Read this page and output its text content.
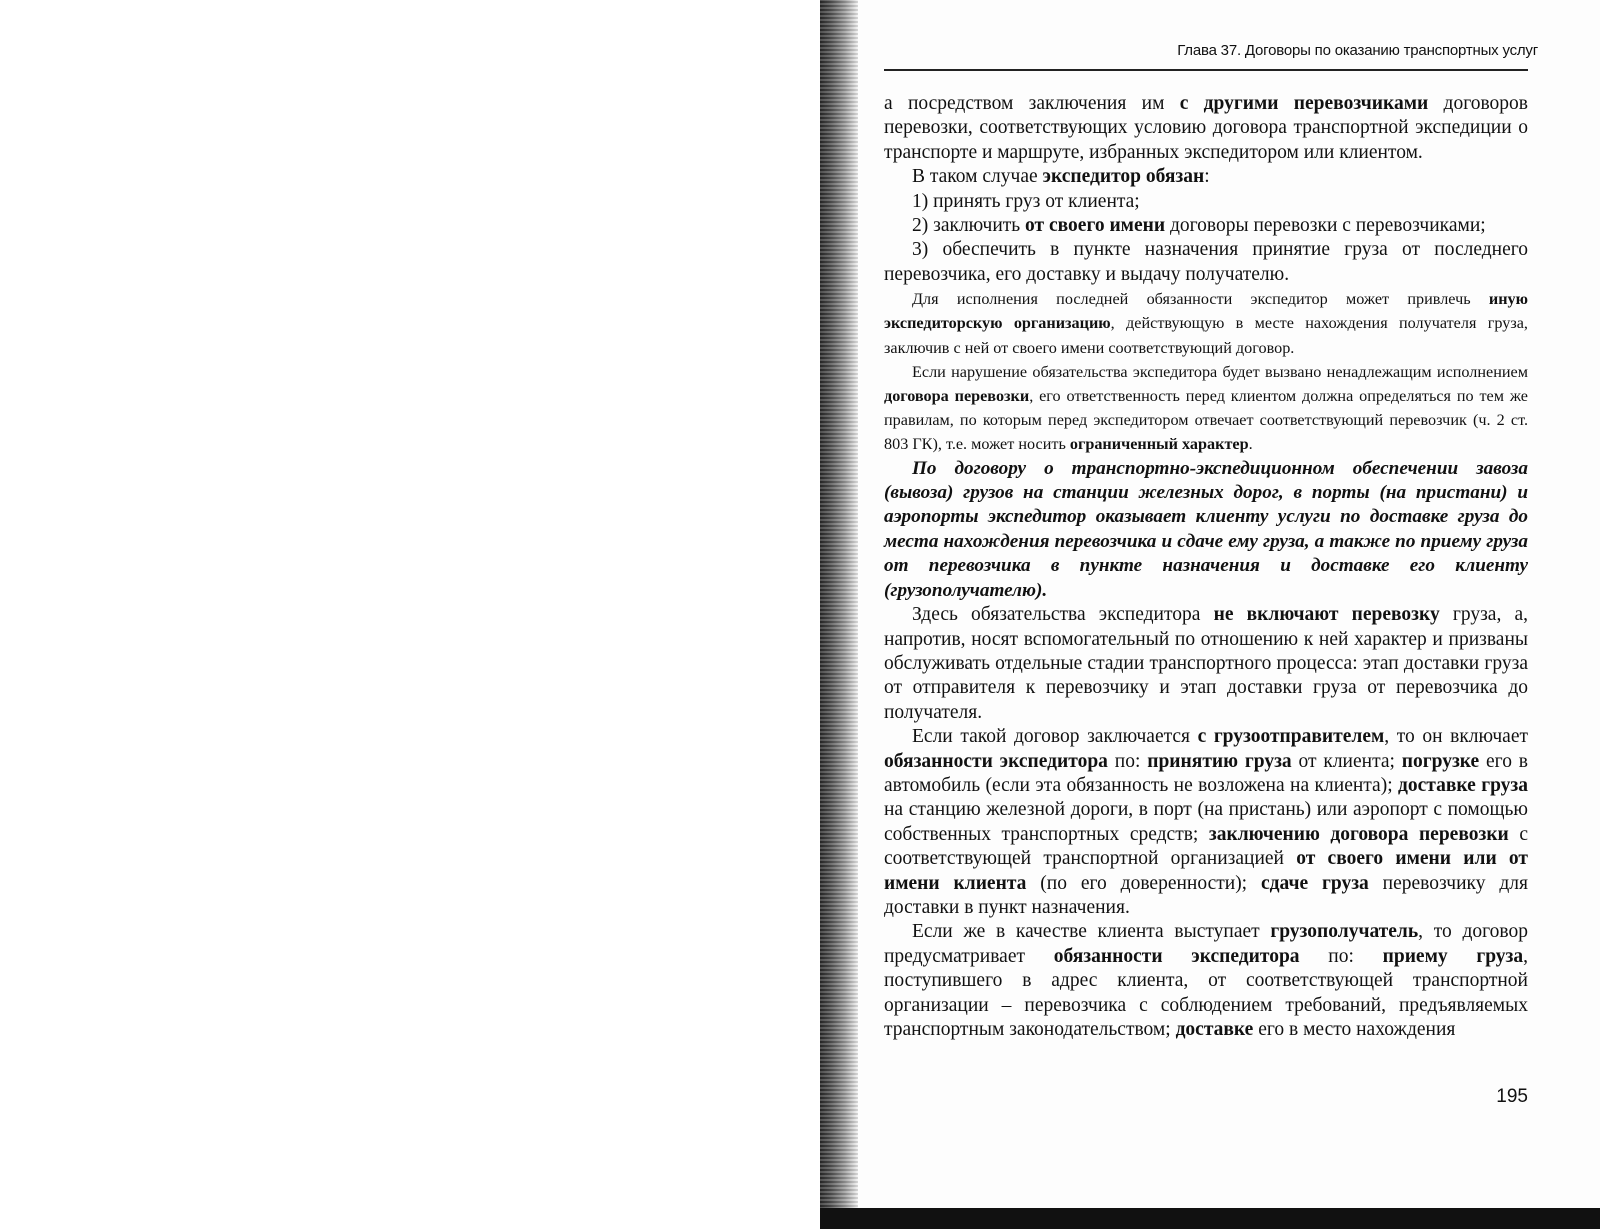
Глава 37. Договоры по оказанию транспортных услуг

а посредством заключения им с другими перевозчиками договоров перевозки, соответствующих условию договора транспортной экспедиции о транспорте и маршруте, избранных экспедитором или клиентом.

В таком случае экспедитор обязан:

1) принять груз от клиента;

2) заключить от своего имени договоры перевозки с перевозчиками;

3) обеспечить в пункте назначения принятие груза от последнего перевозчика, его доставку и выдачу получателю.

Для исполнения последней обязанности экспедитор может привлечь иную экспедиторскую организацию, действующую в месте нахождения получателя груза, заключив с ней от своего имени соответствующий договор.

Если нарушение обязательства экспедитора будет вызвано ненадлежащим исполнением договора перевозки, его ответственность перед клиентом должна определяться по тем же правилам, по которым перед экспедитором отвечает соответствующий перевозчик (ч. 2 ст. 803 ГК), т.е. может носить ограниченный характер.

По договору о транспортно-экспедиционном обеспечении завоза (вывоза) грузов на станции железных дорог, в порты (на пристани) и аэропорты экспедитор оказывает клиенту услуги по доставке груза до места нахождения перевозчика и сдаче ему груза, а также по приему груза от перевозчика в пункте назначения и доставке его клиенту (грузополучателю).

Здесь обязательства экспедитора не включают перевозку груза, а, напротив, носят вспомогательный по отношению к ней характер и призваны обслуживать отдельные стадии транспортного процесса: этап доставки груза от отправителя к перевозчику и этап доставки груза от перевозчика до получателя.

Если такой договор заключается с грузоотправителем, то он включает обязанности экспедитора по: принятию груза от клиента; погрузке его в автомобиль (если эта обязанность не возложена на клиента); доставке груза на станцию железной дороги, в порт (на пристань) или аэропорт с помощью собственных транспортных средств; заключению договора перевозки с соответствующей транспортной организацией от своего имени или от имени клиента (по его доверенности); сдаче груза перевозчику для доставки в пункт назначения.

Если же в качестве клиента выступает грузополучатель, то договор предусматривает обязанности экспедитора по: приему груза, поступившего в адрес клиента, от соответствующей транспортной организации – перевозчика с соблюдением требований, предъявляемых транспортным законодательством; доставке его в место нахождения

195
